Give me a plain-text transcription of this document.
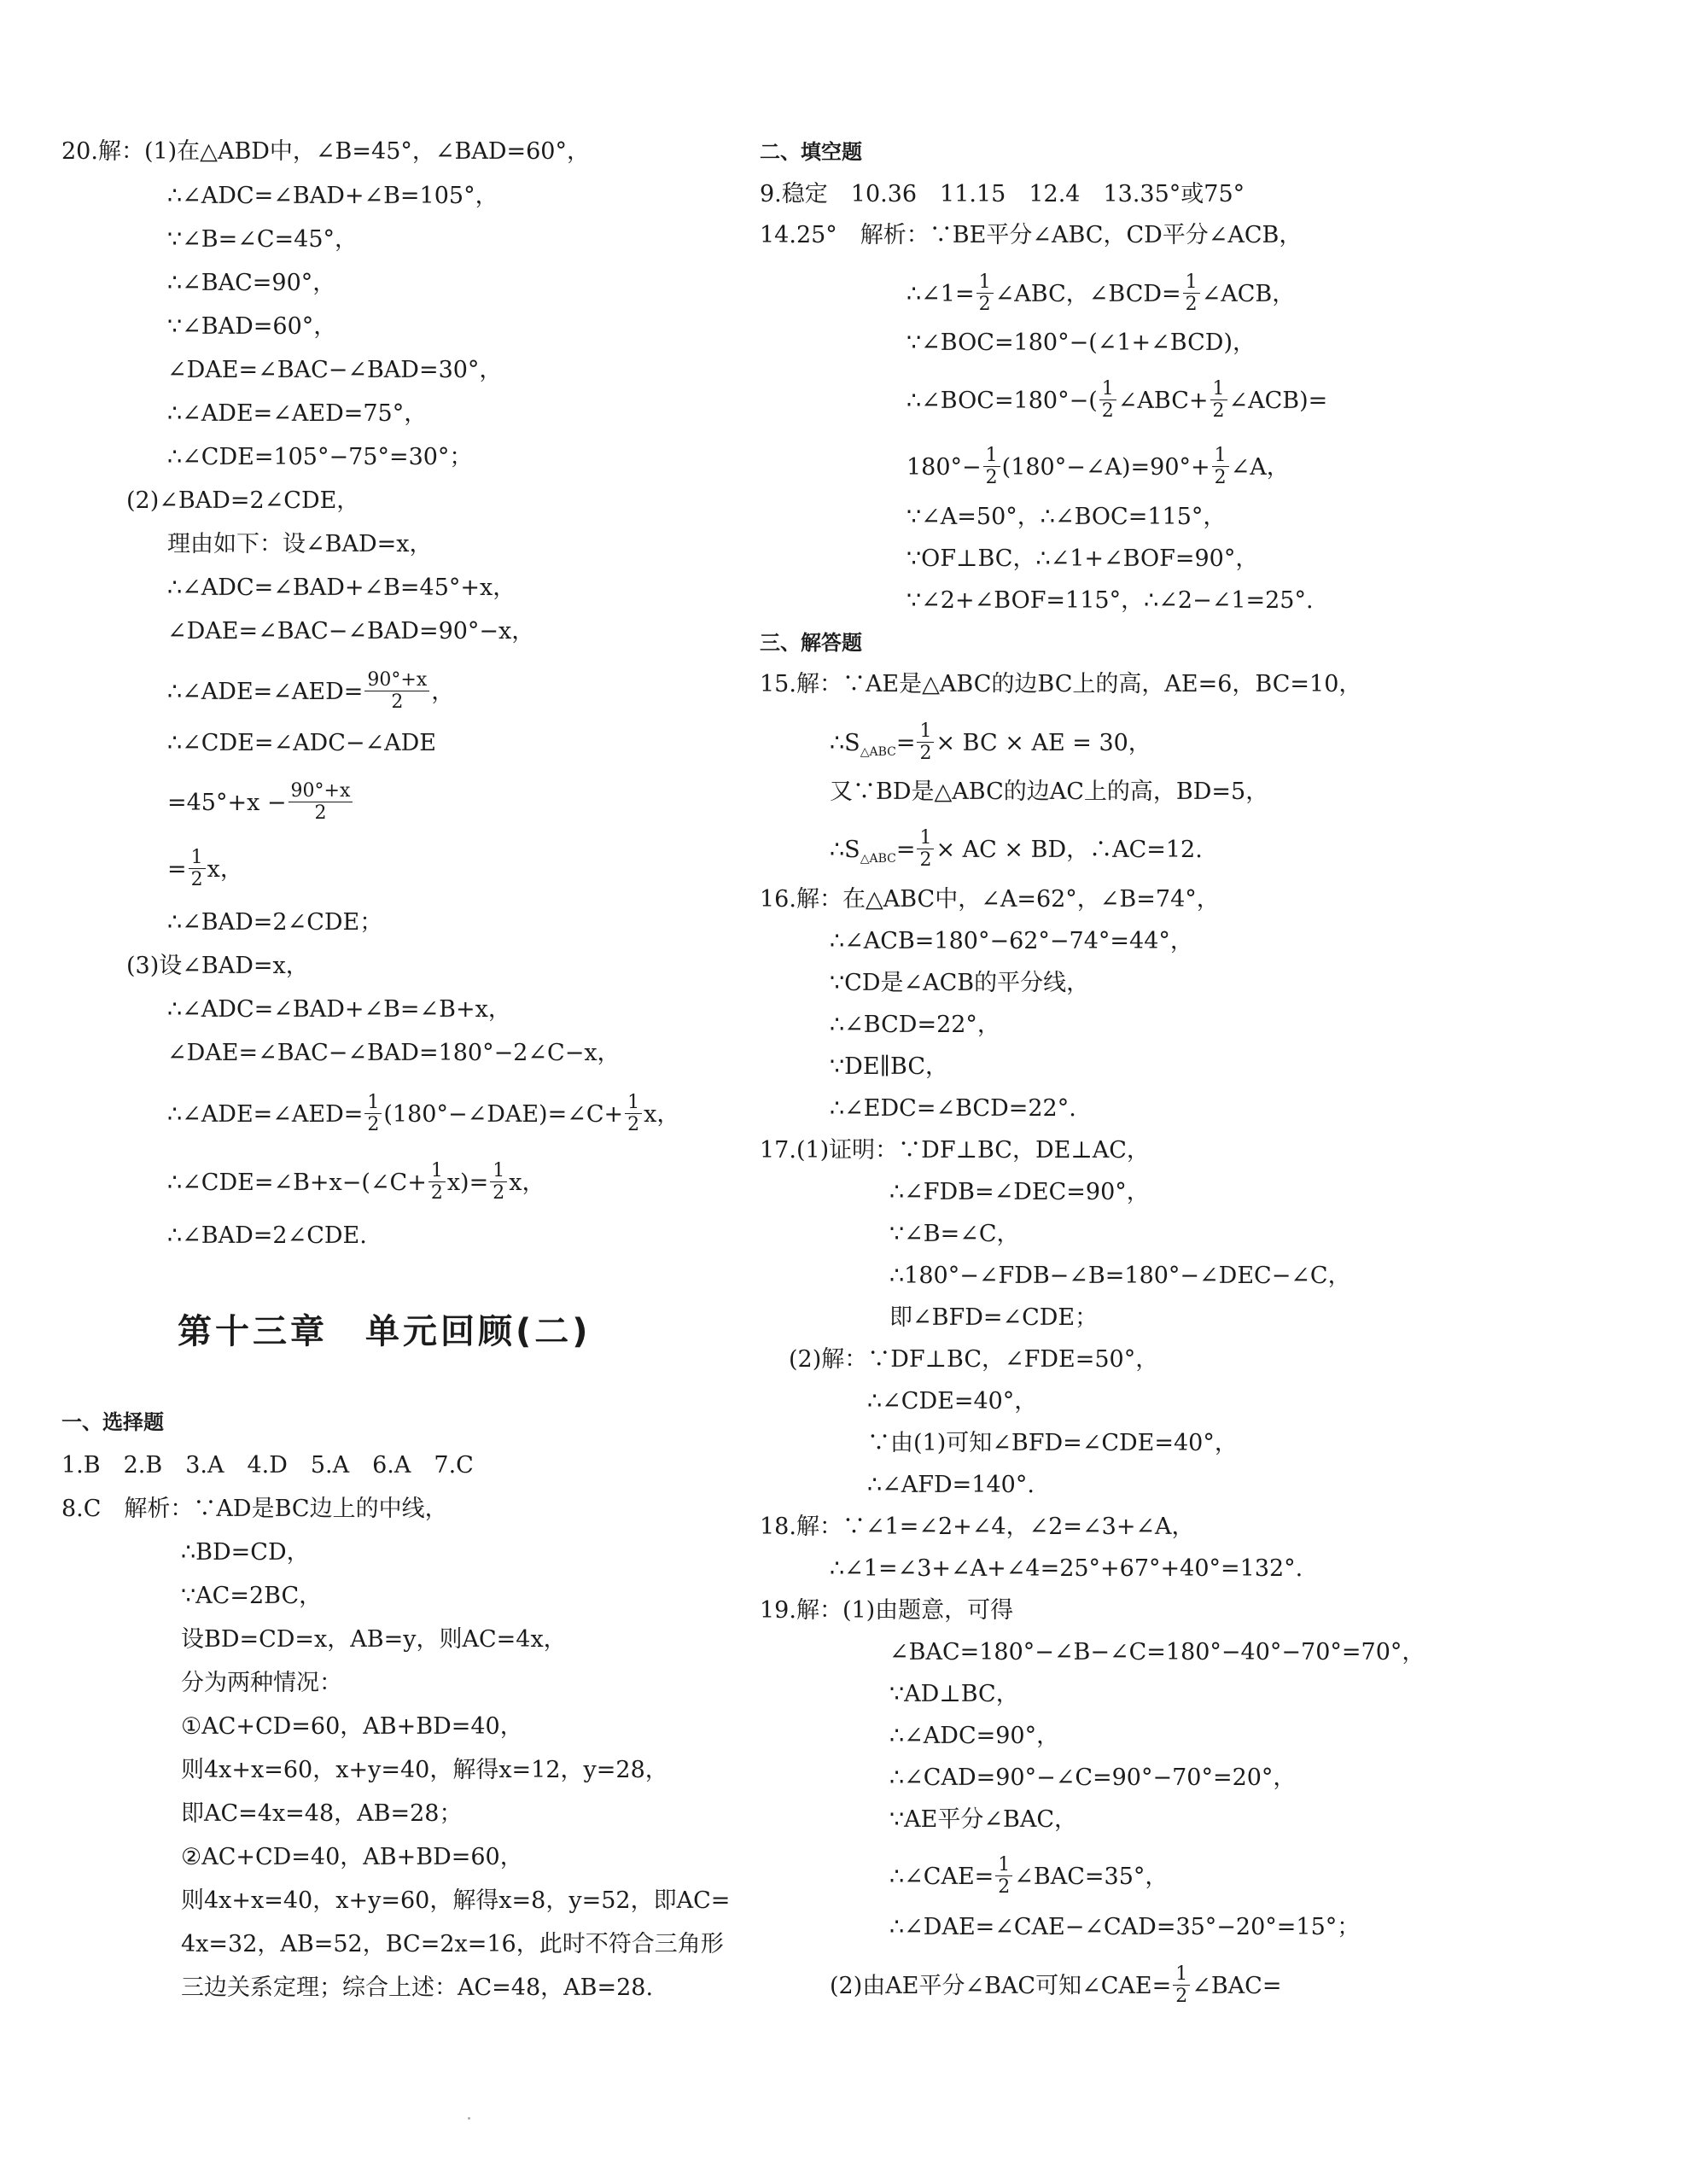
20.解：(1)在△ABD中，∠B=45°，∠BAD=60°，
∴∠ADC=∠BAD+∠B=105°，
∵∠B=∠C=45°，
∴∠BAC=90°，
∵∠BAD=60°，
∠DAE=∠BAC−∠BAD=30°，
∴∠ADE=∠AED=75°，
∴∠CDE=105°−75°=30°；
(2)∠BAD=2∠CDE，
理由如下：设∠BAD=x，
∴∠ADC=∠BAD+∠B=45°+x，
∠DAE=∠BAC−∠BAD=90°−x，
∴∠ADE=∠AED= $\frac{90^\circ+x}{2}$ ，
∴∠CDE=∠ADC−∠ADE
$=45^\circ+x - \frac{90^\circ+x}{2}$
= $\frac{1}{2}$ x，
∴∠BAD=2∠CDE；
(3)设∠BAD=x，
∴∠ADC=∠BAD+∠B=∠B+x，
∠DAE=∠BAC−∠BAD=180°−2∠C−x，
∴∠ADE=∠AED= $\frac{1}{2}$ (180°−∠DAE)=∠C+ $\frac{1}{2}$ x，
∴∠CDE=∠B+x−(∠C+ $\frac{1}{2} x)= \frac{1}{2}$ x，
∴∠BAD=2∠CDE.
第十三章　单元回顾(二)
一、选择题
1.B　2.B　3.A　4.D　5.A　6.A　7.C
8.C　解析：∵AD是BC边上的中线，
∴BD=CD，
∵AC=2BC，
设BD=CD=x，AB=y，则AC=4x，
分为两种情况：
①AC+CD=60，AB+BD=40，
则4x+x=60，x+y=40，解得x=12，y=28，
即AC=4x=48，AB=28；
②AC+CD=40，AB+BD=60，
则4x+x=40，x+y=60，解得x=8，y=52，即AC=
4x=32，AB=52，BC=2x=16，此时不符合三角形
三边关系定理；综合上述：AC=48，AB=28.
二、填空题
9.稳定　10.36　11.15　12.4　13.35°或75°
14.25°　解析：∵BE平分∠ABC，CD平分∠ACB，
∴∠1= $\frac{1}{2}$ ∠ABC，∠BCD= $\frac{1}{2}$ ∠ACB，
∵∠BOC=180°−(∠1+∠BCD)，
∴∠BOC=180°−( $\frac{1}{2}$ ∠ABC+ $\frac{1}{2}$ ∠ACB)=
$180^\circ- \frac{1}{2}$ (180°−∠A)=90°+ $\frac{1}{2}$ ∠A，
∵∠A=50°，∴∠BOC=115°，
∵OF⊥BC，∴∠1+∠BOF=90°，
∵∠2+∠BOF=115°，∴∠2−∠1=25°.
三、解答题
15.解：∵AE是△ABC的边BC上的高，AE=6，BC=10，
$\therefore S_{\triangle ABC}= \frac{1}{2}$ × BC × AE = 30，
又∵BD是△ABC的边AC上的高，BD=5，
$\therefore S_{\triangle ABC}= \frac{1}{2}$ × AC × BD，∴AC=12.
16.解：在△ABC中，∠A=62°，∠B=74°，
∴∠ACB=180°−62°−74°=44°，
∵CD是∠ACB的平分线，
∴∠BCD=22°，
∵DE∥BC，
∴∠EDC=∠BCD=22°.
17.(1)证明：∵DF⊥BC，DE⊥AC，
∴∠FDB=∠DEC=90°，
∵∠B=∠C，
∴180°−∠FDB−∠B=180°−∠DEC−∠C，
即∠BFD=∠CDE；
(2)解：∵DF⊥BC，∠FDE=50°，
∴∠CDE=40°，
∵由(1)可知∠BFD=∠CDE=40°，
∴∠AFD=140°.
18.解：∵∠1=∠2+∠4，∠2=∠3+∠A，
∴∠1=∠3+∠A+∠4=25°+67°+40°=132°.
19.解：(1)由题意，可得
∠BAC=180°−∠B−∠C=180°−40°−70°=70°，
∵AD⊥BC，
∴∠ADC=90°，
∴∠CAD=90°−∠C=90°−70°=20°，
∵AE平分∠BAC，
∴∠CAE= $\frac{1}{2}$ ∠BAC=35°，
∴∠DAE=∠CAE−∠CAD=35°−20°=15°；
(2)由AE平分∠BAC可知∠CAE= $\frac{1}{2}$ ∠BAC=
